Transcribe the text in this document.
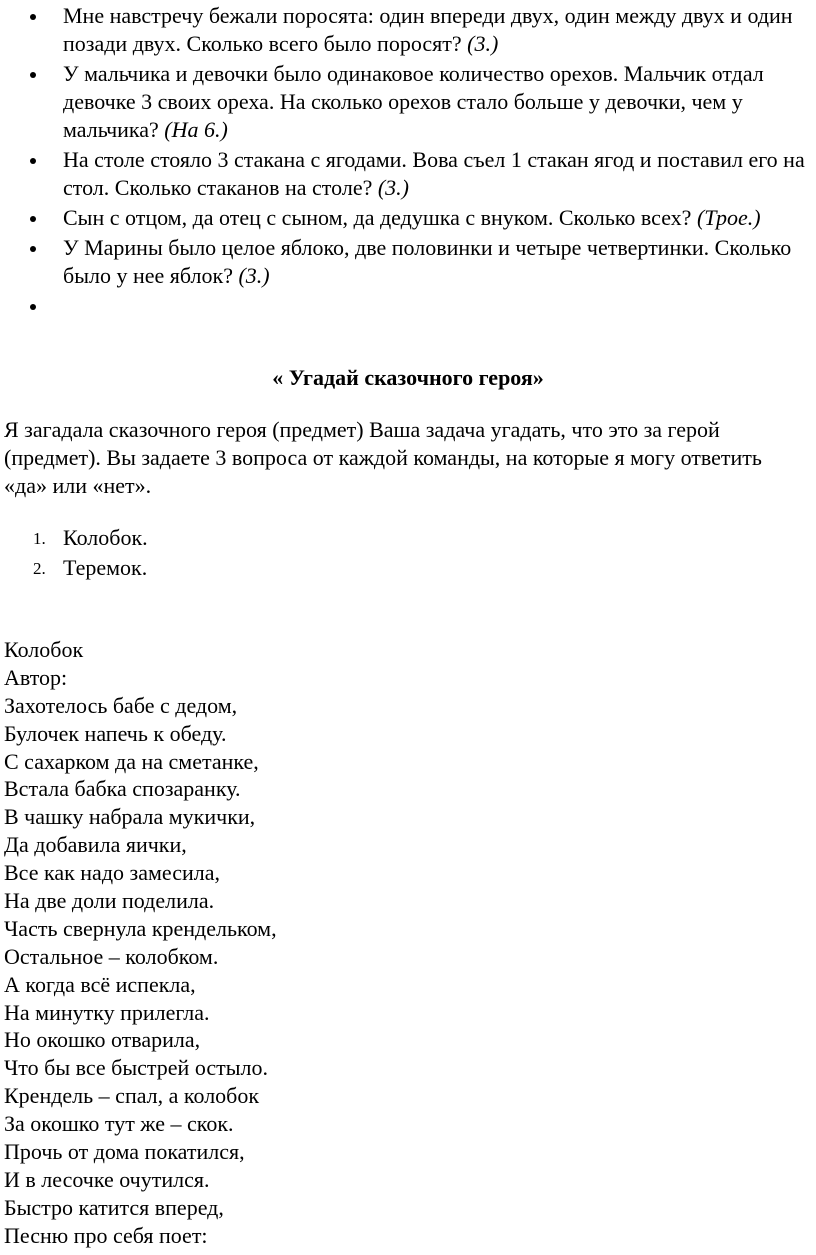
Мне навстречу бежали поросята: один впереди двух, один между двух и один позади двух. Сколько всего было поросят? (3.)
У мальчика и девочки было одинаковое количество орехов. Мальчик отдал девочке 3 своих ореха. На сколько орехов стало больше у девочки, чем у мальчика? (На 6.)
На столе стояло 3 стакана с ягодами. Вова съел 1 стакан ягод и поставил его на стол. Сколько стаканов на столе? (3.)
Сын с отцом, да отец с сыном, да дедушка с внуком. Сколько всех? (Трое.)
У Марины было целое яблоко, две половинки и четыре четвертинки. Сколько было у нее яблок? (3.)
« Угадай сказочного героя»

Я загадала сказочного героя (предмет) Ваша задача угадать, что это за герой (предмет). Вы задаете 3 вопроса от каждой команды, на которые я могу ответить «да» или «нет».

1. Колобок.
2. Теремок.
Колобок
Автор:
Захотелось бабе с дедом,
Булочек напечь к обеду.
С сахарком да на сметанке,
Встала бабка спозаранку.
В чашку набрала мукички,
Да добавила яички,
Все как надо замесила,
На две доли поделила.
Часть свернула крендельком,
Остальное – колобком.
А когда всё испекла,
На минутку прилегла.
Но окошко отварила,
Что бы все быстрей остыло.
Крендель – спал, а колобок
За окошко тут же – скок.
Прочь от дома покатился,
И в лесочке очутился.
Быстро катится вперед,
Песню про себя поет:
